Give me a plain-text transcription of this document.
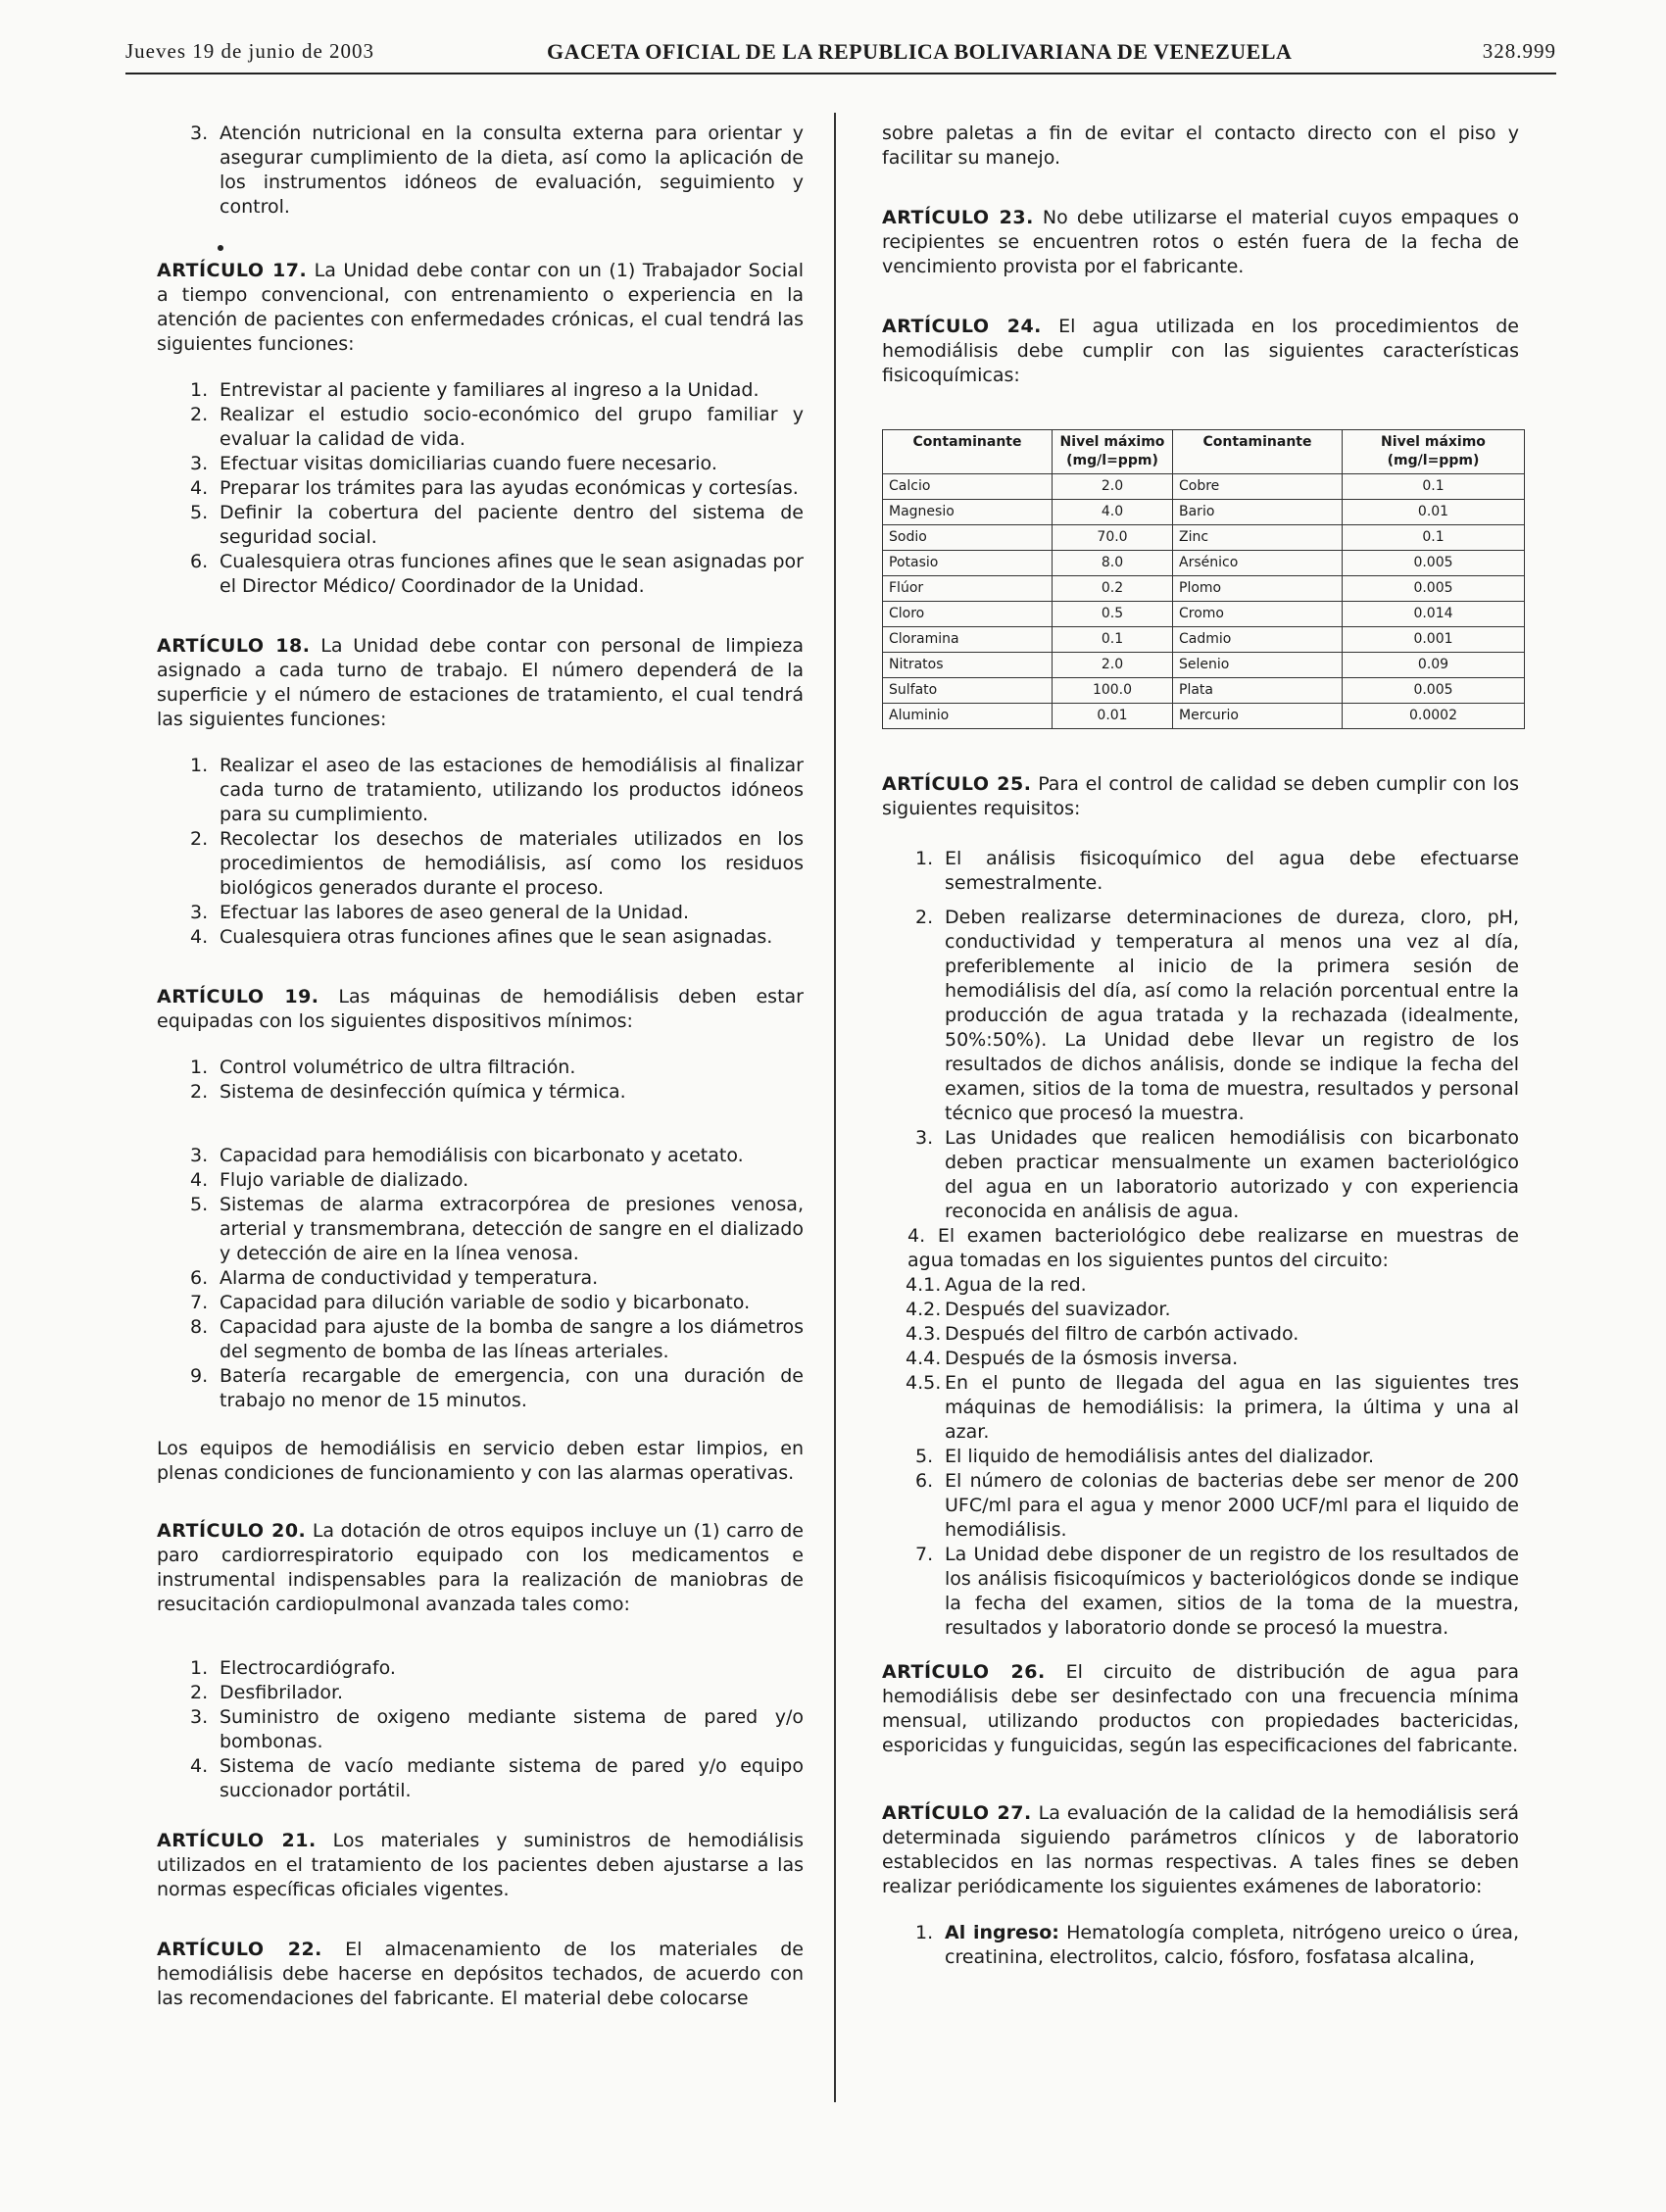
Jueves 19 de junio de 2003	GACETA OFICIAL DE LA REPUBLICA BOLIVARIANA DE VENEZUELA	328.999
3. Atención nutricional en la consulta externa para orientar y asegurar cumplimiento de la dieta, así como la aplicación de los instrumentos idóneos de evaluación, seguimiento y control.

ARTÍCULO 17. La Unidad debe contar con un (1) Trabajador Social a tiempo convencional, con entrenamiento o experiencia en la atención de pacientes con enfermedades crónicas, el cual tendrá las siguientes funciones:

1. Entrevistar al paciente y familiares al ingreso a la Unidad.
2. Realizar el estudio socio-económico del grupo familiar y evaluar la calidad de vida.
3. Efectuar visitas domiciliarias cuando fuere necesario.
4. Preparar los trámites para las ayudas económicas y cortesías.
5. Definir la cobertura del paciente dentro del sistema de seguridad social.
6. Cualesquiera otras funciones afines que le sean asignadas por el Director Médico/ Coordinador de la Unidad.

ARTÍCULO 18. La Unidad debe contar con personal de limpieza asignado a cada turno de trabajo. El número dependerá de la superficie y el número de estaciones de tratamiento, el cual tendrá las siguientes funciones:

1. Realizar el aseo de las estaciones de hemodiálisis al finalizar cada turno de tratamiento, utilizando los productos idóneos para su cumplimiento.
2. Recolectar los desechos de materiales utilizados en los procedimientos de hemodiálisis, así como los residuos biológicos generados durante el proceso.
3. Efectuar las labores de aseo general de la Unidad.
4. Cualesquiera otras funciones afines que le sean asignadas.

ARTÍCULO 19. Las máquinas de hemodiálisis deben estar equipadas con los siguientes dispositivos mínimos:

1. Control volumétrico de ultra filtración.
2. Sistema de desinfección química y térmica.
3. Capacidad para hemodiálisis con bicarbonato y acetato.
4. Flujo variable de dializado.
5. Sistemas de alarma extracorpórea de presiones venosa, arterial y transmembrana, detección de sangre en el dializado y detección de aire en la línea venosa.
6. Alarma de conductividad y temperatura.
7. Capacidad para dilución variable de sodio y bicarbonato.
8. Capacidad para ajuste de la bomba de sangre a los diámetros del segmento de bomba de las líneas arteriales.
9. Batería recargable de emergencia, con una duración de trabajo no menor de 15 minutos.

Los equipos de hemodiálisis en servicio deben estar limpios, en plenas condiciones de funcionamiento y con las alarmas operativas.

ARTÍCULO 20. La dotación de otros equipos incluye un (1) carro de paro cardiorrespiratorio equipado con los medicamentos e instrumental indispensables para la realización de maniobras de resucitación cardiopulmonal avanzada tales como:

1. Electrocardiógrafo.
2. Desfibrilador.
3. Suministro de oxigeno mediante sistema de pared y/o bombonas.
4. Sistema de vacío mediante sistema de pared y/o equipo succionador portátil.

ARTÍCULO 21. Los materiales y suministros de hemodiálisis utilizados en el tratamiento de los pacientes deben ajustarse a las normas específicas oficiales vigentes.

ARTÍCULO 22. El almacenamiento de los materiales de hemodiálisis debe hacerse en depósitos techados, de acuerdo con las recomendaciones del fabricante. El material debe colocarse

sobre paletas a fin de evitar el contacto directo con el piso y facilitar su manejo.

ARTÍCULO 23. No debe utilizarse el material cuyos empaques o recipientes se encuentren rotos o estén fuera de la fecha de vencimiento provista por el fabricante.

ARTÍCULO 24. El agua utilizada en los procedimientos de hemodiálisis debe cumplir con las siguientes características fisicoquímicas:

Contaminante	Nivel máximo (mg/l=ppm)	Contaminante	Nivel máximo (mg/l=ppm)
Calcio	2.0	Cobre	0.1
Magnesio	4.0	Bario	0.01
Sodio	70.0	Zinc	0.1
Potasio	8.0	Arsénico	0.005
Flúor	0.2	Plomo	0.005
Cloro	0.5	Cromo	0.014
Cloramina	0.1	Cadmio	0.001
Nitratos	2.0	Selenio	0.09
Sulfato	100.0	Plata	0.005
Aluminio	0.01	Mercurio	0.0002

ARTÍCULO 25. Para el control de calidad se deben cumplir con los siguientes requisitos:

1. El análisis fisicoquímico del agua debe efectuarse semestralmente.
2. Deben realizarse determinaciones de dureza, cloro, pH, conductividad y temperatura al menos una vez al día, preferiblemente al inicio de la primera sesión de hemodiálisis del día, así como la relación porcentual entre la producción de agua tratada y la rechazada (idealmente, 50%:50%). La Unidad debe llevar un registro de los resultados de dichos análisis, donde se indique la fecha del examen, sitios de la toma de muestra, resultados y personal técnico que procesó la muestra.
3. Las Unidades que realicen hemodiálisis con bicarbonato deben practicar mensualmente un examen bacteriológico del agua en un laboratorio autorizado y con experiencia reconocida en análisis de agua.

4. El examen bacteriológico debe realizarse en muestras de agua tomadas en los siguientes puntos del circuito:

4.1. Agua de la red.
4.2. Después del suavizador.
4.3. Después del filtro de carbón activado.
4.4. Después de la ósmosis inversa.
4.5. En el punto de llegada del agua en las siguientes tres máquinas de hemodiálisis: la primera, la última y una al azar.
5. El liquido de hemodiálisis antes del dializador.
6. El número de colonias de bacterias debe ser menor de 200 UFC/ml para el agua y menor 2000 UCF/ml para el liquido de hemodiálisis.
7. La Unidad debe disponer de un registro de los resultados de los análisis fisicoquímicos y bacteriológicos donde se indique la fecha del examen, sitios de la toma de la muestra, resultados y laboratorio donde se procesó la muestra.

ARTÍCULO 26. El circuito de distribución de agua para hemodiálisis debe ser desinfectado con una frecuencia mínima mensual, utilizando productos con propiedades bactericidas, esporicidas y funguicidas, según las especificaciones del fabricante.

ARTÍCULO 27. La evaluación de la calidad de la hemodiálisis será determinada siguiendo parámetros clínicos y de laboratorio establecidos en las normas respectivas. A tales fines se deben realizar periódicamente los siguientes exámenes de laboratorio:

1. Al ingreso: Hematología completa, nitrógeno ureico o úrea, creatinina, electrolitos, calcio, fósforo, fosfatasa alcalina,
